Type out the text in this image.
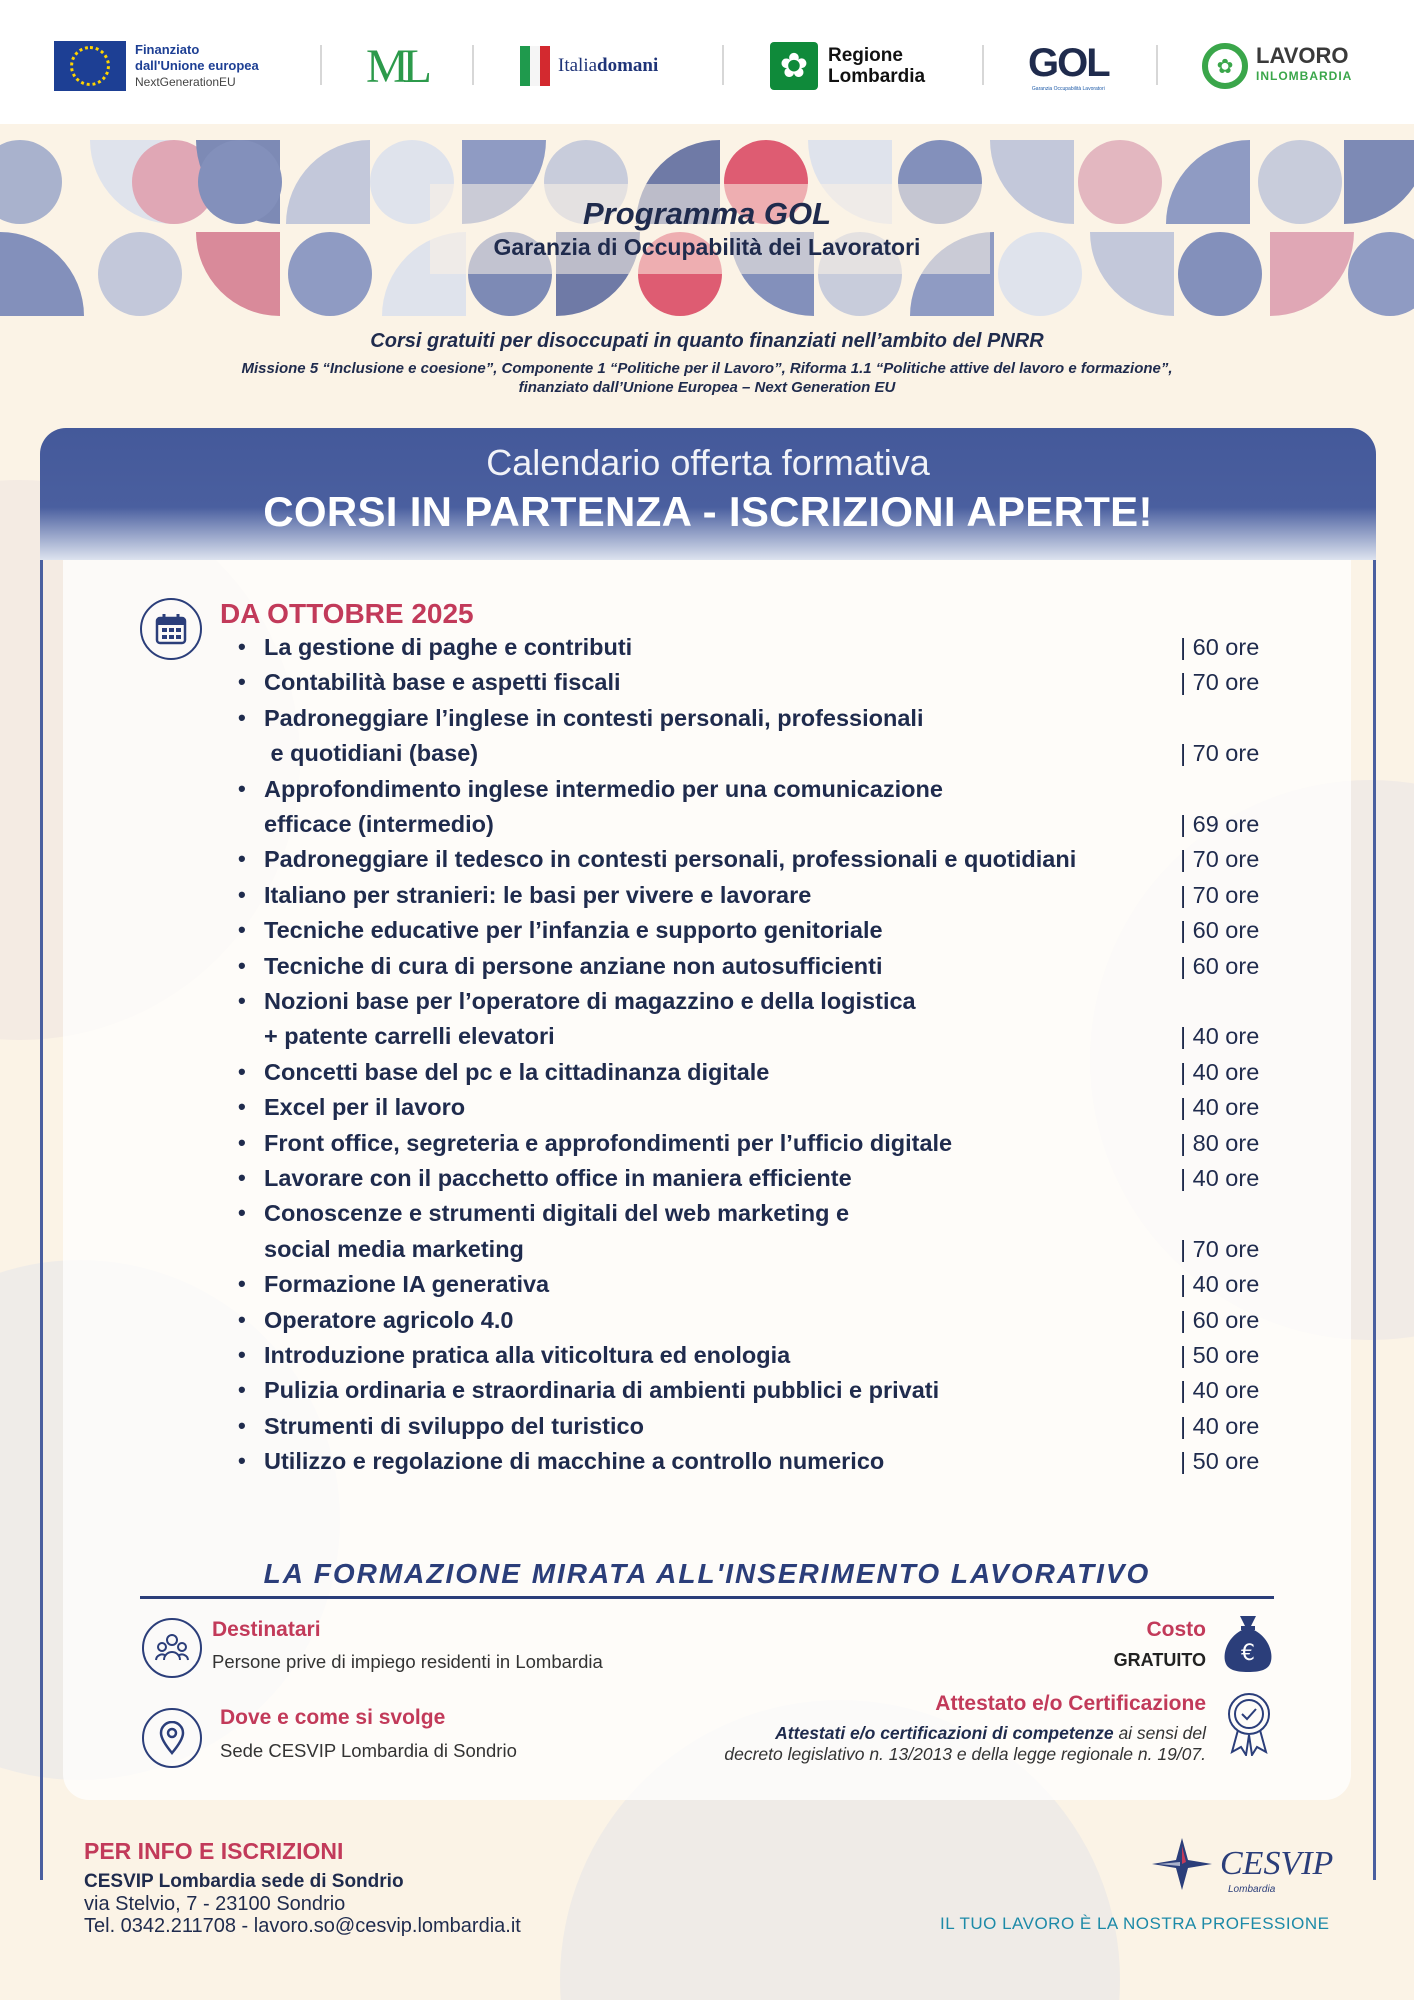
Finanziato
dall'Unione europea
NextGenerationEU	ML	Italiadomani	✿	Regione
Lombardia	GOL
Garanzia Occupabilità Lavoratori
✿	LAVORO
INLOMBARDIA
Programma GOL
Garanzia di Occupabilità dei Lavoratori
Corsi gratuiti per disoccupati in quanto finanziati nell’ambito del PNRR
Missione 5 “Inclusione e coesione”, Componente 1 “Politiche per il Lavoro”, Riforma 1.1 “Politiche attive del lavoro e formazione”,
finanziato dall’Unione Europea – Next Generation EU
Calendario offerta formativa
CORSI IN PARTENZA - ISCRIZIONI APERTE!
DA OTTOBRE 2025
• La gestione di paghe e contributi	| 60 ore
• Contabilità base e aspetti fiscali	| 70 ore
• Padroneggiare l’inglese in contesti personali, professionali
e quotidiani (base)	| 70 ore
• Approfondimento inglese intermedio per una comunicazione
efficace (intermedio)	| 69 ore
• Padroneggiare il tedesco in contesti personali, professionali e quotidiani	| 70 ore
• Italiano per stranieri: le basi per vivere e lavorare	| 70 ore
• Tecniche educative per l’infanzia e supporto genitoriale	| 60 ore
• Tecniche di cura di persone anziane non autosufficienti	| 60 ore
• Nozioni base per l’operatore di magazzino e della logistica
+ patente carrelli elevatori	| 40 ore
• Concetti base del pc e la cittadinanza digitale	| 40 ore
• Excel per il lavoro	| 40 ore
• Front office, segreteria e approfondimenti per l’ufficio digitale	| 80 ore
• Lavorare con il pacchetto office in maniera efficiente	| 40 ore
• Conoscenze e strumenti digitali del web marketing e
social media marketing	| 70 ore
• Formazione IA generativa	| 40 ore
• Operatore agricolo 4.0	| 60 ore
• Introduzione pratica alla viticoltura ed enologia	| 50 ore
• Pulizia ordinaria e straordinaria di ambienti pubblici e privati	| 40 ore
• Strumenti di sviluppo del turistico	| 40 ore
• Utilizzo e regolazione di macchine a controllo numerico	| 50 ore
LA FORMAZIONE MIRATA ALL'INSERIMENTO LAVORATIVO
Destinatari
Persone prive di impiego residenti in Lombardia
Dove e come si svolge
Sede CESVIP Lombardia di Sondrio
Costo
GRATUITO €
Attestato e/o Certificazione
Attestati e/o certificazioni di competenze ai sensi del
decreto legislativo n. 13/2013 e della legge regionale n. 19/07.
PER INFO E ISCRIZIONI
CESVIP Lombardia sede di Sondrio
via Stelvio, 7 - 23100 Sondrio
Tel. 0342.211708 - lavoro.so@cesvip.lombardia.it
CESVIP
Lombardia
IL TUO LAVORO È LA NOSTRA PROFESSIONE
